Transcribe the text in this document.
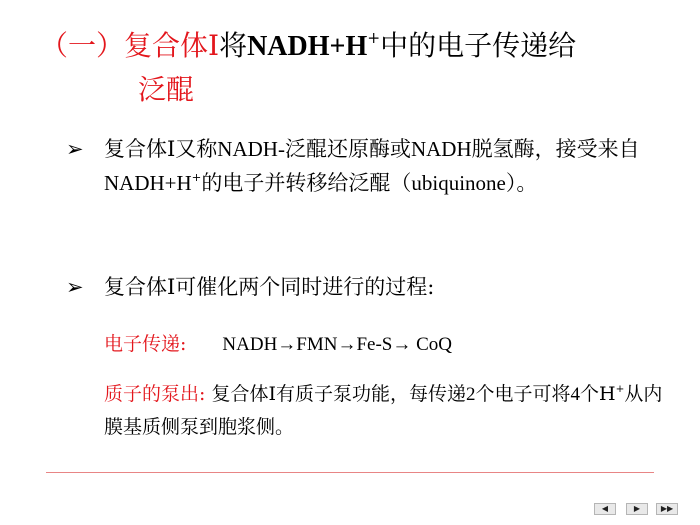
（一）复合体Ⅰ将NADH+H+中的电子传递给
泛醌
➢ 复合体Ⅰ又称NADH-泛醌还原酶或NADH脱氢酶，接受来自NADH+H+的电子并转移给泛醌（ubiquinone）。
➢ 复合体Ⅰ可催化两个同时进行的过程:
电子传递: NADH→FMN→Fe-S→ CoQ
质子的泵出: 复合体Ⅰ有质子泵功能，每传递2个电子可将4个H+从内膜基质侧泵到胞浆侧。
◀	▶	▶▶
